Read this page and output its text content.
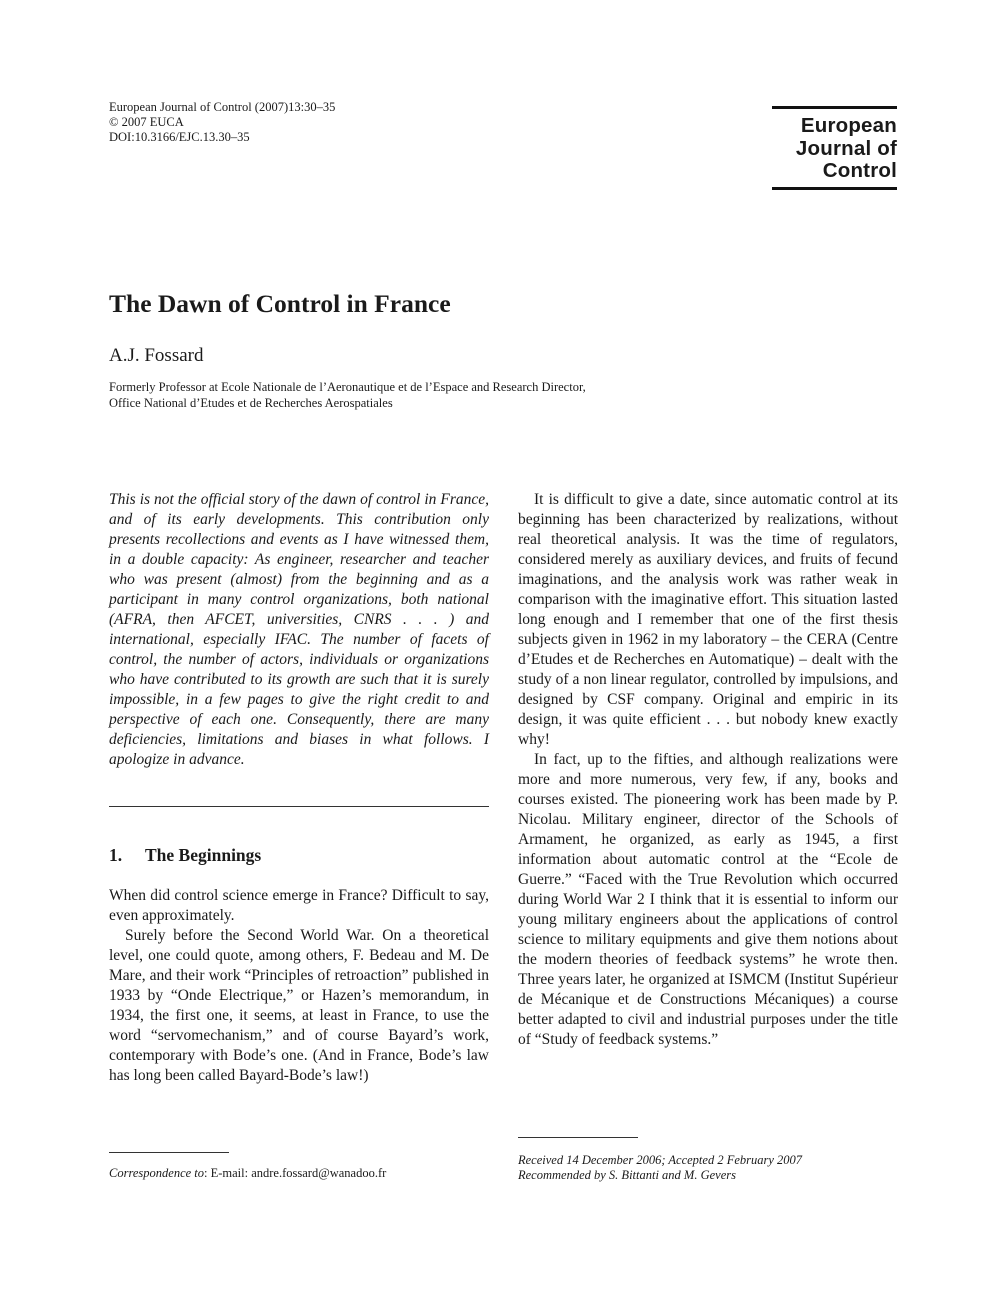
European Journal of Control (2007)13:30–35
© 2007 EUCA
DOI:10.3166/EJC.13.30–35	European
Journal of
Control
The Dawn of Control in France
A.J. Fossard
Formerly Professor at Ecole Nationale de l’Aeronautique et de l’Espace and Research Director,
Office National d’Etudes et de Recherches Aerospatiales

This is not the official story of the dawn of control in France, and of its early developments. This contribution only presents recollections and events as I have witnessed them, in a double capacity: As engineer, researcher and teacher who was present (almost) from the beginning and as a participant in many control organizations, both national (AFRA, then AFCET, universities, CNRS . . . ) and international, especially IFAC. The number of facets of control, the number of actors, individuals or organizations who have contributed to its growth are such that it is surely impossible, in a few pages to give the right credit to and perspective of each one. Consequently, there are many deficiencies, limitations and biases in what follows. I apologize in advance.

1. The Beginnings

When did control science emerge in France? Difficult to say, even approximately.

Surely before the Second World War. On a theoretical level, one could quote, among others, F. Bedeau and M. De Mare, and their work “Principles of retroaction” published in 1933 by “Onde Electrique,” or Hazen’s memorandum, in 1934, the first one, it seems, at least in France, to use the word “servomechanism,” and of course Bayard’s work, contemporary with Bode’s one. (And in France, Bode’s law has long been called Bayard-Bode’s law!)

It is difficult to give a date, since automatic control at its beginning has been characterized by realizations, without real theoretical analysis. It was the time of regulators, considered merely as auxiliary devices, and fruits of fecund imaginations, and the analysis work was rather weak in comparison with the imaginative effort. This situation lasted long enough and I remember that one of the first thesis subjects given in 1962 in my laboratory – the CERA (Centre d’Etudes et de Recherches en Automatique) – dealt with the study of a non linear regulator, controlled by impulsions, and designed by CSF company. Original and empiric in its design, it was quite efficient . . . but nobody knew exactly why!

In fact, up to the fifties, and although realizations were more and more numerous, very few, if any, books and courses existed. The pioneering work has been made by P. Nicolau. Military engineer, director of the Schools of Armament, he organized, as early as 1945, a first information about automatic control at the “Ecole de Guerre.” “Faced with the True Revolution which occurred during World War 2 I think that it is essential to inform our young military engineers about the applications of control science to military equipments and give them notions about the modern theories of feedback systems” he wrote then. Three years later, he organized at ISMCM (Institut Supérieur de Mécanique et de Constructions Mécaniques) a course better adapted to civil and industrial purposes under the title of “Study of feedback systems.”

Correspondence to: E-mail: andre.fossard@wanadoo.fr
Received 14 December 2006; Accepted 2 February 2007
Recommended by S. Bittanti and M. Gevers
